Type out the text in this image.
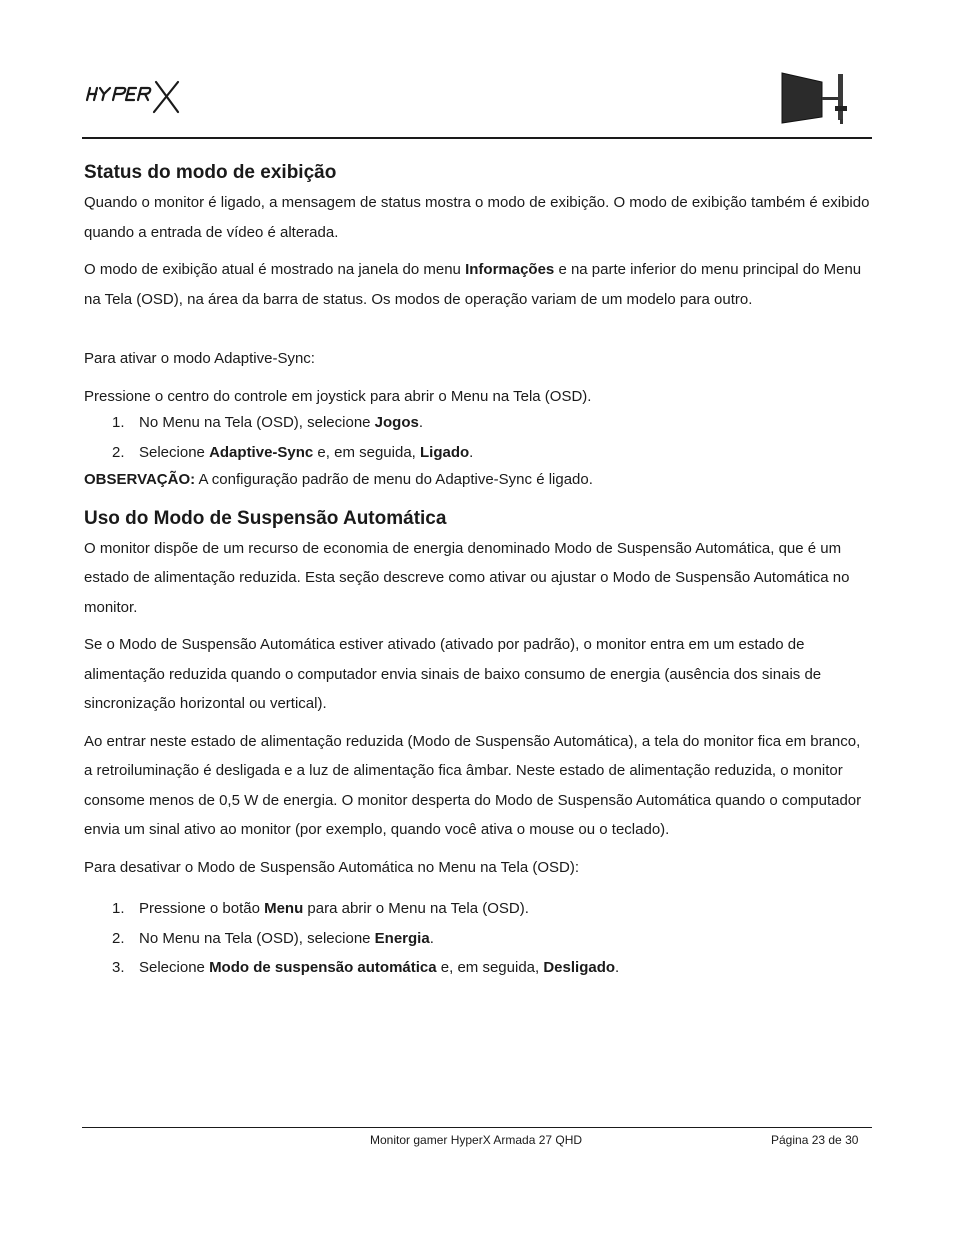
Status do modo de exibição

Quando o monitor é ligado, a mensagem de status mostra o modo de exibição. O modo de exibição também é exibido quando a entrada de vídeo é alterada.

O modo de exibição atual é mostrado na janela do menu Informações e na parte inferior do menu principal do Menu na Tela (OSD), na área da barra de status. Os modos de operação variam de um modelo para outro.

Para ativar o modo Adaptive-Sync:

Pressione o centro do controle em joystick para abrir o Menu na Tela (OSD).

1. No Menu na Tela (OSD), selecione Jogos.
2. Selecione Adaptive-Sync e, em seguida, Ligado.

OBSERVAÇÃO: A configuração padrão de menu do Adaptive-Sync é ligado.

Uso do Modo de Suspensão Automática

O monitor dispõe de um recurso de economia de energia denominado Modo de Suspensão Automática, que é um estado de alimentação reduzida. Esta seção descreve como ativar ou ajustar o Modo de Suspensão Automática no monitor.

Se o Modo de Suspensão Automática estiver ativado (ativado por padrão), o monitor entra em um estado de alimentação reduzida quando o computador envia sinais de baixo consumo de energia (ausência dos sinais de sincronização horizontal ou vertical).

Ao entrar neste estado de alimentação reduzida (Modo de Suspensão Automática), a tela do monitor fica em branco, a retroiluminação é desligada e a luz de alimentação fica âmbar. Neste estado de alimentação reduzida, o monitor consome menos de 0,5 W de energia. O monitor desperta do Modo de Suspensão Automática quando o computador envia um sinal ativo ao monitor (por exemplo, quando você ativa o mouse ou o teclado).

Para desativar o Modo de Suspensão Automática no Menu na Tela (OSD):

1. Pressione o botão Menu para abrir o Menu na Tela (OSD).
2. No Menu na Tela (OSD), selecione Energia.
3. Selecione Modo de suspensão automática e, em seguida, Desligado.
Monitor gamer HyperX Armada 27 QHD	Página 23 de 30
